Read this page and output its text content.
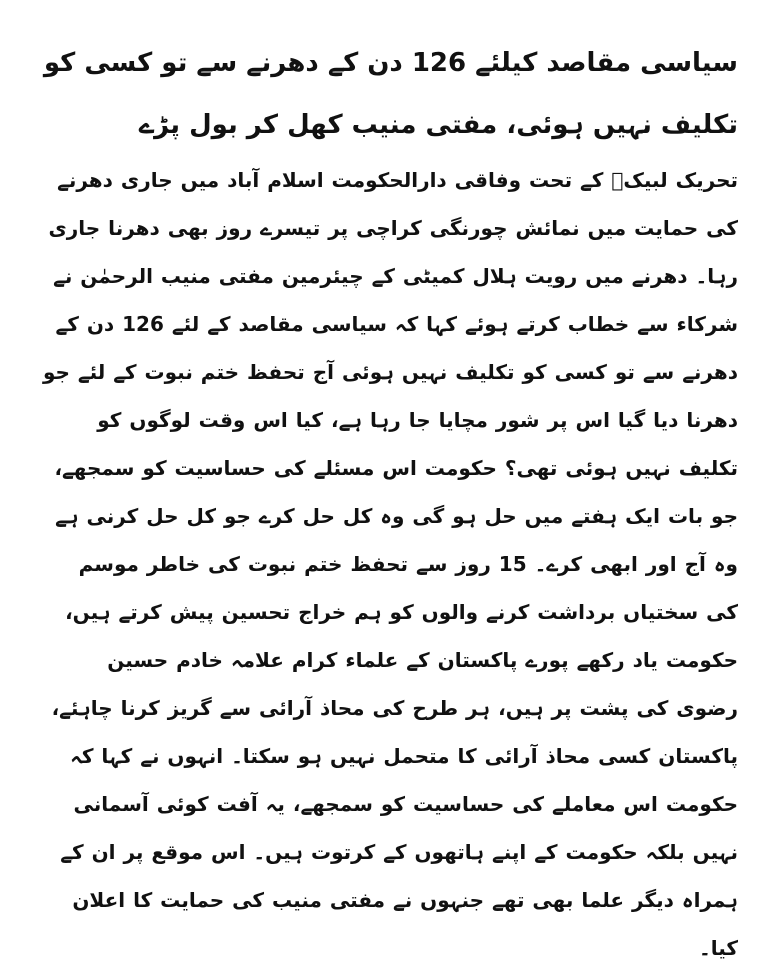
سیاسی مقاصد کیلئے 126 دن کے دھرنے سے تو کسی کو تکلیف نہیں ہوئی، مفتی منیب کھل کر بول پڑے

تحریک لبیکؒ کے تحت وفاقی دارالحکومت اسلام آباد میں جاری دھرنے کی حمایت میں نمائش چورنگی کراچی پر تیسرے روز بھی دھرنا جاری رہا۔ دھرنے میں رویت ہلال کمیٹی کے چیئرمین مفتی منیب الرحمٰن نے شرکاء سے خطاب کرتے ہوئے کہا کہ سیاسی مقاصد کے لئے 126 دن کے دھرنے سے تو کسی کو تکلیف نہیں ہوئی آج تحفظ ختم نبوت کے لئے جو دھرنا دیا گیا اس پر شور مچایا جا رہا ہے، کیا اس وقت لوگوں کو تکلیف نہیں ہوئی تھی؟ حکومت اس مسئلے کی حساسیت کو سمجھے، جو بات ایک ہفتے میں حل ہو گی وہ کل حل کرے جو کل حل کرنی ہے وہ آج اور ابھی کرے۔ 15 روز سے تحفظ ختم نبوت کی خاطر موسم کی سختیاں برداشت کرنے والوں کو ہم خراج تحسین پیش کرتے ہیں، حکومت یاد رکھے پورے پاکستان کے علماء کرام علامہ خادم حسین رضوی کی پشت پر ہیں، ہر طرح کی محاذ آرائی سے گریز کرنا چاہئے، پاکستان کسی محاذ آرائی کا متحمل نہیں ہو سکتا۔ انہوں نے کہا کہ حکومت اس معاملے کی حساسیت کو سمجھے، یہ آفت کوئی آسمانی نہیں بلکہ حکومت کے اپنے ہاتھوں کے کرتوت ہیں۔ اس موقع پر ان کے ہمراہ دیگر علما بھی تھے جنہوں نے مفتی منیب کی حمایت کا اعلان کیا۔
